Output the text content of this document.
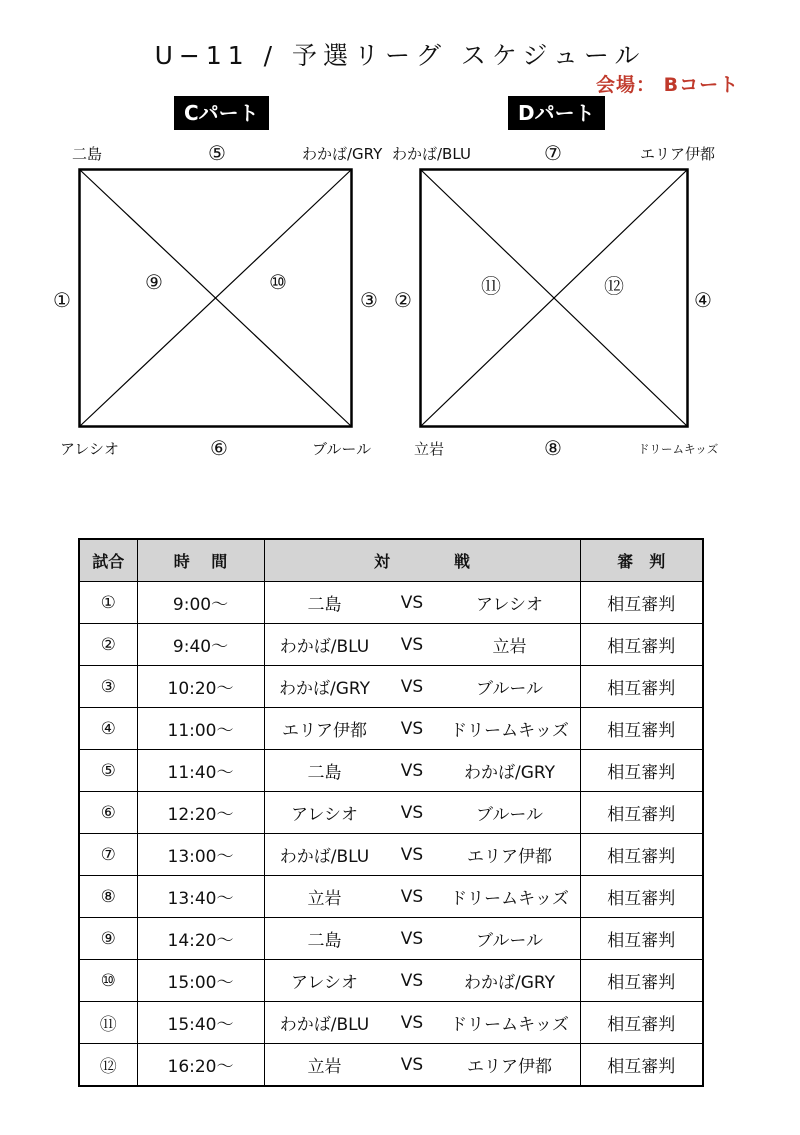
U−11 / 予選リーグ スケジュール
会場： Bコート
Cパート
二島	わかば/GRY
アレシオ	ブルール
⑤
⑥
①	③
⑨	⑩
Dパート
わかば/BLU	エリア伊都
立岩	ドリームキッズ
⑦
⑧
②	④
⑪	⑫
試合	時　 間	対　　　　戦	審　判
①	9:00～	二島 VS アレシオ	相互審判
②	9:40～	わかば/BLU VS 立岩	相互審判
③	10:20～	わかば/GRY VS ブルール	相互審判
④	11:00～	エリア伊都 VS ドリームキッズ	相互審判
⑤	11:40～	二島 VS わかば/GRY	相互審判
⑥	12:20～	アレシオ VS ブルール	相互審判
⑦	13:00～	わかば/BLU VS エリア伊都	相互審判
⑧	13:40～	立岩 VS ドリームキッズ	相互審判
⑨	14:20～	二島 VS ブルール	相互審判
⑩	15:00～	アレシオ VS わかば/GRY	相互審判
⑪	15:40～	わかば/BLU VS ドリームキッズ	相互審判
⑫	16:20～	立岩 VS エリア伊都	相互審判
